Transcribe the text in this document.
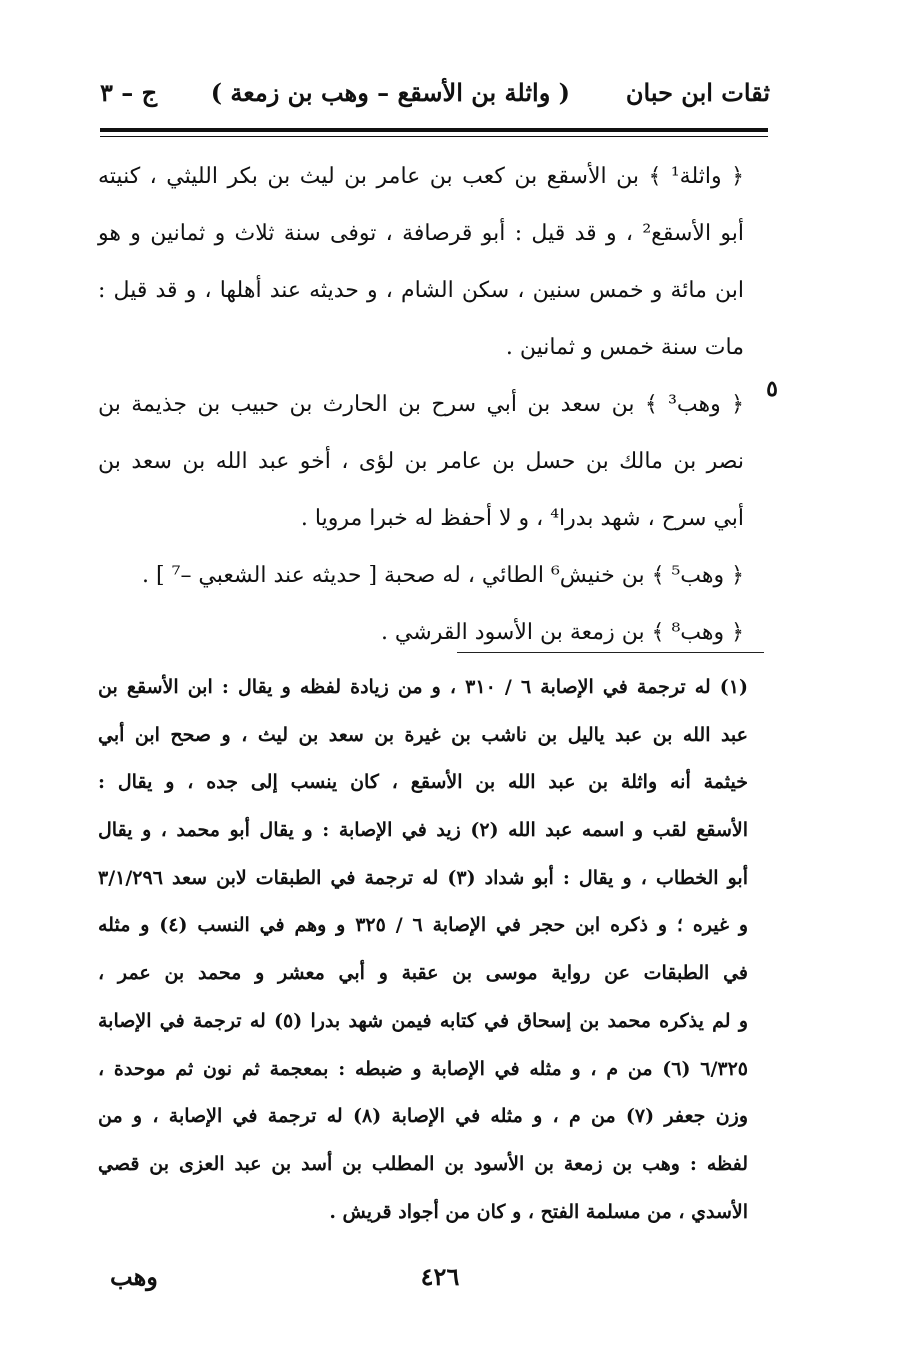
ثقات ابن حبان
( واثلة بن الأسقع – وهب بن زمعة )
ج – ٣
﴿ واثلة¹ ﴾ بن الأسقع بن كعب بن عامر بن ليث بن بكر الليثي ، كنيته
أبو الأسقع² ، و قد قيل : أبو قرصافة ، توفى سنة ثلاث و ثمانين و هو
ابن مائة و خمس سنين ، سكن الشام ، و حديثه عند أهلها ، و قد قيل :
مات سنة خمس و ثمانين .
﴿ وهب³ ﴾ بن سعد بن أبي سرح بن الحارث بن حبيب بن جذيمة بن
نصر بن مالك بن حسل بن عامر بن لؤى ، أخو عبد الله بن سعد بن
أبي سرح ، شهد بدرا⁴ ، و لا أحفظ له خبرا مرويا .
﴿ وهب⁵ ﴾ بن خنيش⁶ الطائي ، له صحبة [ حديثه عند الشعبي –⁷ ] .
﴿ وهب⁸ ﴾ بن زمعة بن الأسود القرشي .
٥
(١) له ترجمة في الإصابة ٦ / ٣١٠ ، و من زيادة لفظه و يقال : ابن الأسقع بن
عبد الله بن عبد ياليل بن ناشب بن غيرة بن سعد بن ليث ، و صحح ابن أبي
خيثمة أنه واثلة بن عبد الله بن الأسقع ، كان ينسب إلى جده ، و يقال :
الأسقع لقب و اسمه عبد الله (٢) زيد في الإصابة : و يقال أبو محمد ، و يقال
أبو الخطاب ، و يقال : أبو شداد (٣) له ترجمة في الطبقات لابن سعد ٣/١/٢٩٦
و غيره ؛ و ذكره ابن حجر في الإصابة ٦ / ٣٢٥ و وهم في النسب (٤) و مثله
في الطبقات عن رواية موسى بن عقبة و أبي معشر و محمد بن عمر ،
و لم يذكره محمد بن إسحاق في كتابه فيمن شهد بدرا (٥) له ترجمة في الإصابة
٦/٣٢٥ (٦) من م ، و مثله في الإصابة و ضبطه : بمعجمة ثم نون ثم موحدة ،
وزن جعفر (٧) من م ، و مثله في الإصابة (٨) له ترجمة في الإصابة ، و من
لفظه : وهب بن زمعة بن الأسود بن المطلب بن أسد بن عبد العزى بن قصي
الأسدي ، من مسلمة الفتح ، و كان من أجواد قريش .
٤٢٦
وهب
